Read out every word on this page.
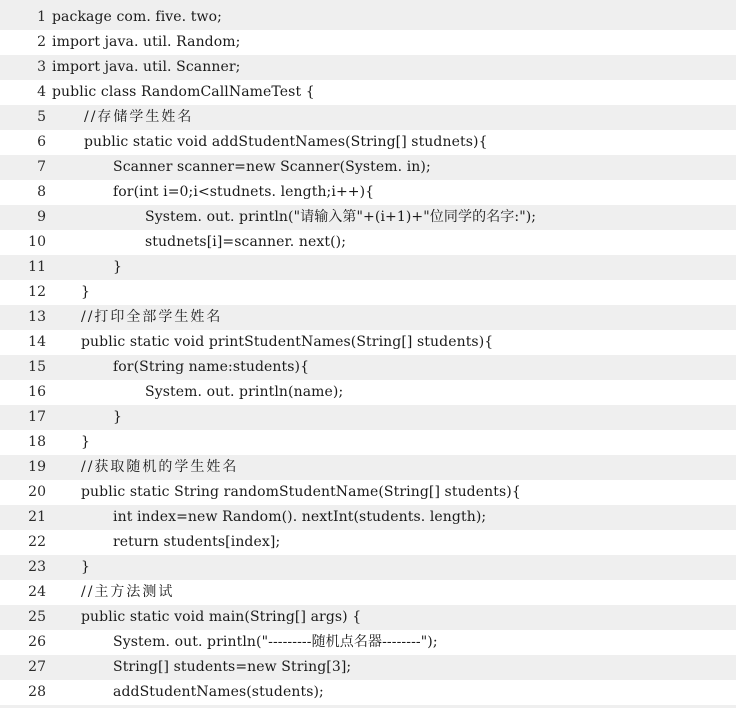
1 package com. five. two;
2 import java. util. Random;
3 import java. util. Scanner;
4 public class RandomCallNameTest {
5	//存储学生姓名
6	public static void addStudentNames(String[] studnets){
7	Scanner scanner=new Scanner(System. in);
8	for(int i=0;i<studnets. length;i++){
9	System. out. println("请输入第"+(i+1)+"位同学的名字:");
10	studnets[i]=scanner. next();
11	}
12	}
13	//打印全部学生姓名
14	public static void printStudentNames(String[] students){
15	for(String name:students){
16	System. out. println(name);
17	}
18	}
19	//获取随机的学生姓名
20	public static String randomStudentName(String[] students){
21	int index=new Random(). nextInt(students. length);
22	return students[index];
23	}
24	//主方法测试
25	public static void main(String[] args) {
26	System. out. println("---------随机点名器--------");
27	String[] students=new String[3];
28	addStudentNames(students);
